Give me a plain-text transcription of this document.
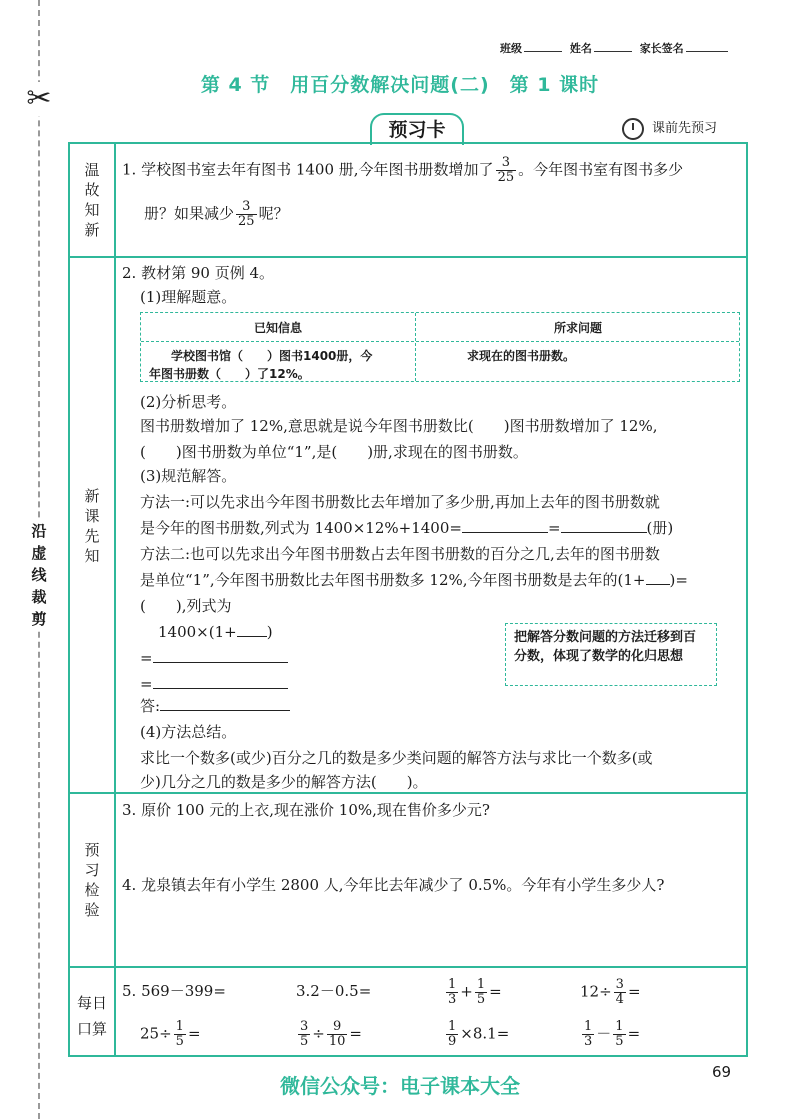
✂
沿
虚
线
裁
剪
班级	姓名	家长签名
第 4 节　用百分数解决问题(二)　第 1 课时
预习卡	课前先预习
温
故
知
新
新
课
先
知
预
习
检
验
每日
口算
1. 学校图书室去年有图书 1400 册,今年图书册数增加了 $\frac{3}{25}$ 。今年图书室有图书多少
册？如果减少 $\frac{3}{25}$ 呢？
2. 教材第 90 页例 4。
(1)理解题意。
已知信息	所求问题
学校图书馆（　　）图书1400册，今
年图书册数（　　）了12%。
求现在的图书册数。
(2)分析思考。
图书册数增加了 12%,意思就是说今年图书册数比(　　)图书册数增加了 12%,
(　　)图书册数为单位“1”,是(　　)册,求现在的图书册数。
(3)规范解答。
方法一:可以先求出今年图书册数比去年增加了多少册,再加上去年的图书册数就
是今年的图书册数,列式为 1400×12%+1400=	=	(册)
方法二:也可以先求出今年图书册数占去年图书册数的百分之几,去年的图书册数
是单位“1”,今年图书册数比去年图书册数多 12%,今年图书册数是去年的(1+ )=
(　　),列式为
1400×(1+ )
=
=
答:
把解答分数问题的方法迁移到百分数，体现了数学的化归思想
(4)方法总结。
求比一个数多(或少)百分之几的数是多少类问题的解答方法与求比一个数多(或
少)几分之几的数是多少的解答方法(　　)。
3. 原价 100 元的上衣,现在涨价 10%,现在售价多少元?
4. 龙泉镇去年有小学生 2800 人,今年比去年减少了 0.5%。今年有小学生多少人?
5. 569－399=	3.2－0.5=	$\frac{1}{3} + \frac{1}{5}$ =	$12\div \frac{3}{4}$ =
$25\div \frac{1}{5}$ =	$\frac{3}{5} \div \frac{9}{10}$ =	$\frac{1}{9} \times 8.1=$	$\frac{1}{3} - \frac{1}{5}$ =
69
微信公众号：电子课本大全
